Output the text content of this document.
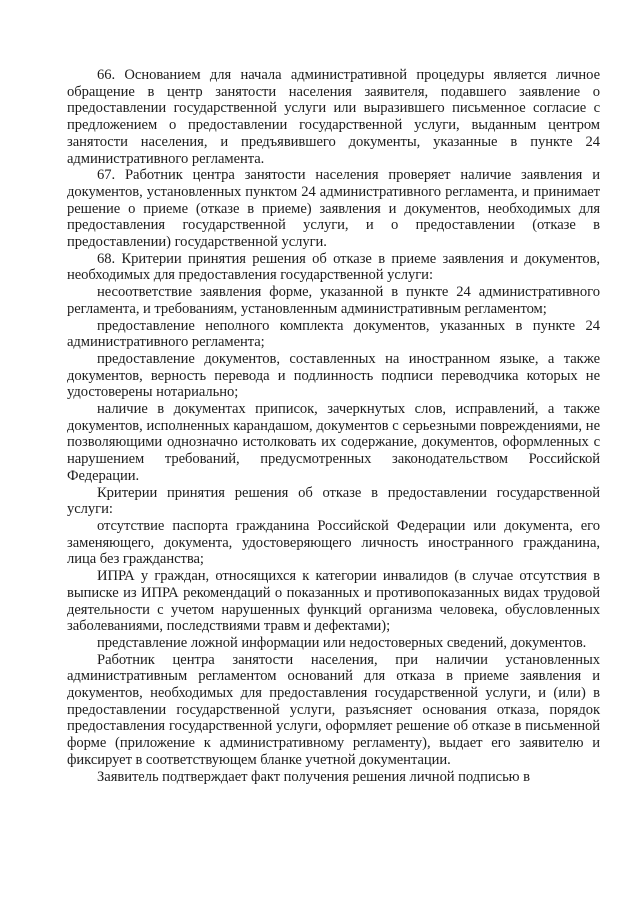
66. Основанием для начала административной процедуры является личное обращение в центр занятости населения заявителя, подавшего заявление о предоставлении государственной услуги или выразившего письменное согласие с предложением о предоставлении государственной услуги, выданным центром занятости населения, и предъявившего документы, указанные в пункте 24 административного регламента.

67. Работник центра занятости населения проверяет наличие заявления и документов, установленных пунктом 24 административного регламента, и принимает решение о приеме (отказе в приеме) заявления и документов, необходимых для предоставления государственной услуги, и о предоставлении (отказе в предоставлении) государственной услуги.

68. Критерии принятия решения об отказе в приеме заявления и документов, необходимых для предоставления государственной услуги:

несоответствие заявления форме, указанной в пункте 24 административного регламента, и требованиям, установленным административным регламентом;

предоставление неполного комплекта документов, указанных в пункте 24 административного регламента;

предоставление документов, составленных на иностранном языке, а также документов, верность перевода и подлинность подписи переводчика которых не удостоверены нотариально;

наличие в документах приписок, зачеркнутых слов, исправлений, а также документов, исполненных карандашом, документов с серьезными повреждениями, не позволяющими однозначно истолковать их содержание, документов, оформленных с нарушением требований, предусмотренных законодательством Российской Федерации.

Критерии принятия решения об отказе в предоставлении государственной услуги:

отсутствие паспорта гражданина Российской Федерации или документа, его заменяющего, документа, удостоверяющего личность иностранного гражданина, лица без гражданства;

ИПРА у граждан, относящихся к категории инвалидов (в случае отсутствия в выписке из ИПРА рекомендаций о показанных и противопоказанных видах трудовой деятельности с учетом нарушенных функций организма человека, обусловленных заболеваниями, последствиями травм и дефектами);

представление ложной информации или недостоверных сведений, документов.

Работник центра занятости населения, при наличии установленных административным регламентом оснований для отказа в приеме заявления и документов, необходимых для предоставления государственной услуги, и (или) в предоставлении государственной услуги, разъясняет основания отказа, порядок предоставления государственной услуги, оформляет решение об отказе в письменной форме (приложение к административному регламенту), выдает его заявителю и фиксирует в соответствующем бланке учетной документации.

Заявитель подтверждает факт получения решения личной подписью в
